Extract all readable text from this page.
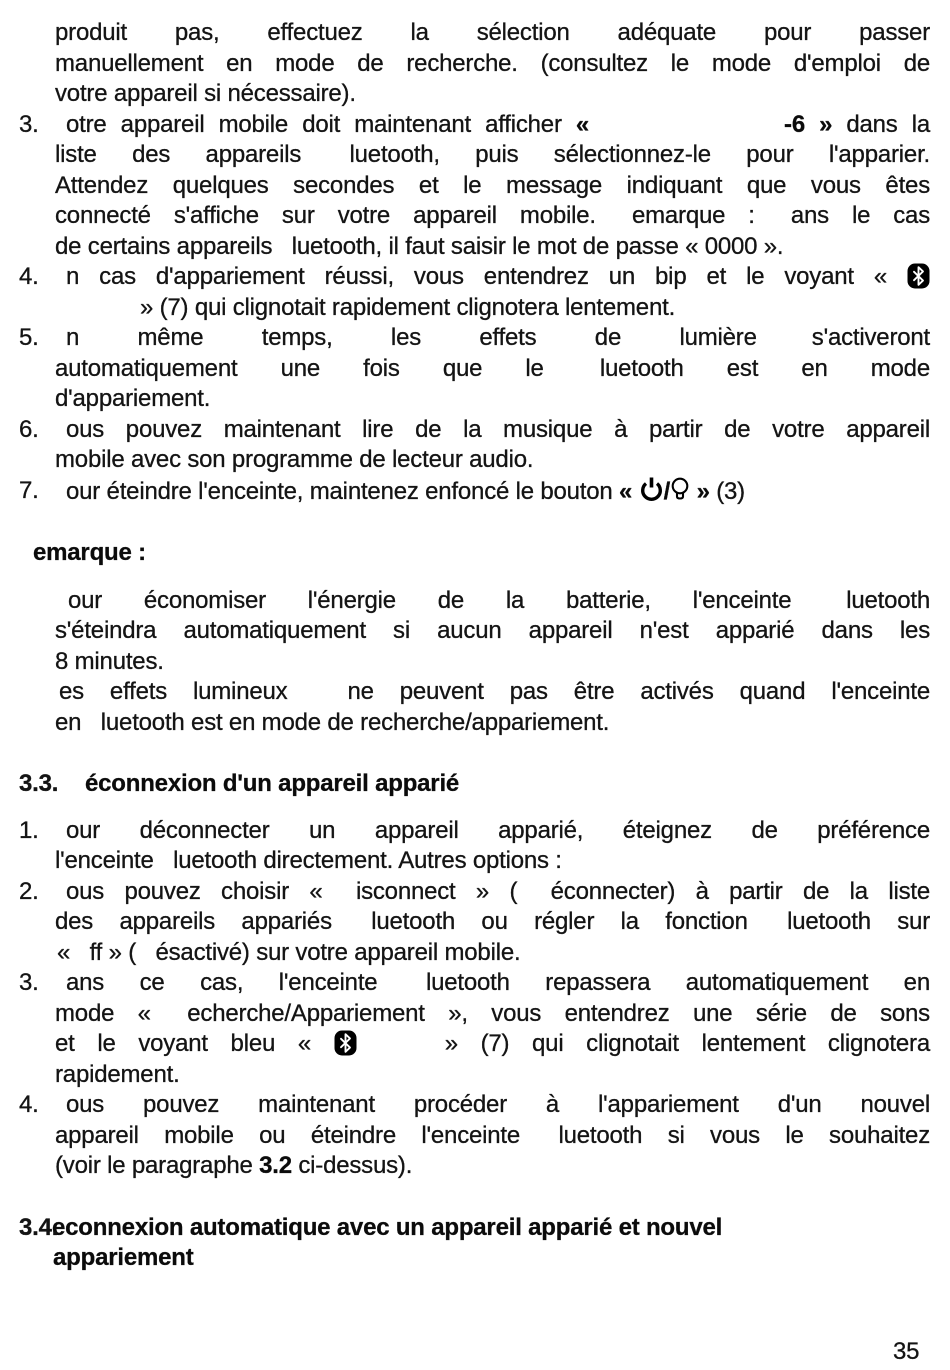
produit pas, effectuez la sélection adéquate pour passer
manuellement en mode de recherche. (consultez le mode d'emploi de
votre appareil si nécessaire).
3.	otre appareil mobile doit maintenant afficher «	-6 » dans la
liste des appareils luetooth, puis sélectionnez-le pour l'apparier.
Attendez quelques secondes et le message indiquant que vous êtes
connecté s'affiche sur votre appareil mobile. emarque : ans le cas
de certains appareils luetooth, il faut saisir le mot de passe « 0000 ».
4.	n cas d'appariement réussi, vous entendrez un bip et le voyant «
» (7) qui clignotait rapidement clignotera lentement.
5.	n même temps, les effets de lumière s'activeront
automatiquement une fois que le luetooth est en mode
d'appariement.
6.	ous pouvez maintenant lire de la musique à partir de votre appareil
mobile avec son programme de lecteur audio.
7.	our éteindre l'enceinte, maintenez enfoncé le bouton «
/
» (3)
emarque :
our économiser l'énergie de la batterie, l'enceinte luetooth
s'éteindra automatiquement si aucun appareil n'est apparié dans les
8 minutes.
es effets lumineux	ne peuvent pas être activés quand l'enceinte
en luetooth est en mode de recherche/appariement.
3.3. éconnexion d'un appareil apparié
1.	our déconnecter un appareil apparié, éteignez de préférence
l'enceinte luetooth directement. Autres options :
2.	ous pouvez choisir « isconnect » ( éconnecter) à partir de la liste
des appareils appariés luetooth ou régler la fonction luetooth sur
« ff » ( ésactivé) sur votre appareil mobile.
3.	ans ce cas, l'enceinte luetooth repassera automatiquement en
mode « echerche/Appariement », vous entendrez une série de sons
et le voyant bleu «	» (7) qui clignotait lentement clignotera
rapidement.
4.	ous pouvez maintenant procéder à l'appariement d'un nouvel
appareil mobile ou éteindre l'enceinte luetooth si vous le souhaitez
(voir le paragraphe 3.2 ci-dessus).
3.4.
econnexion automatique avec un appareil apparié et nouvel
appariement
35
